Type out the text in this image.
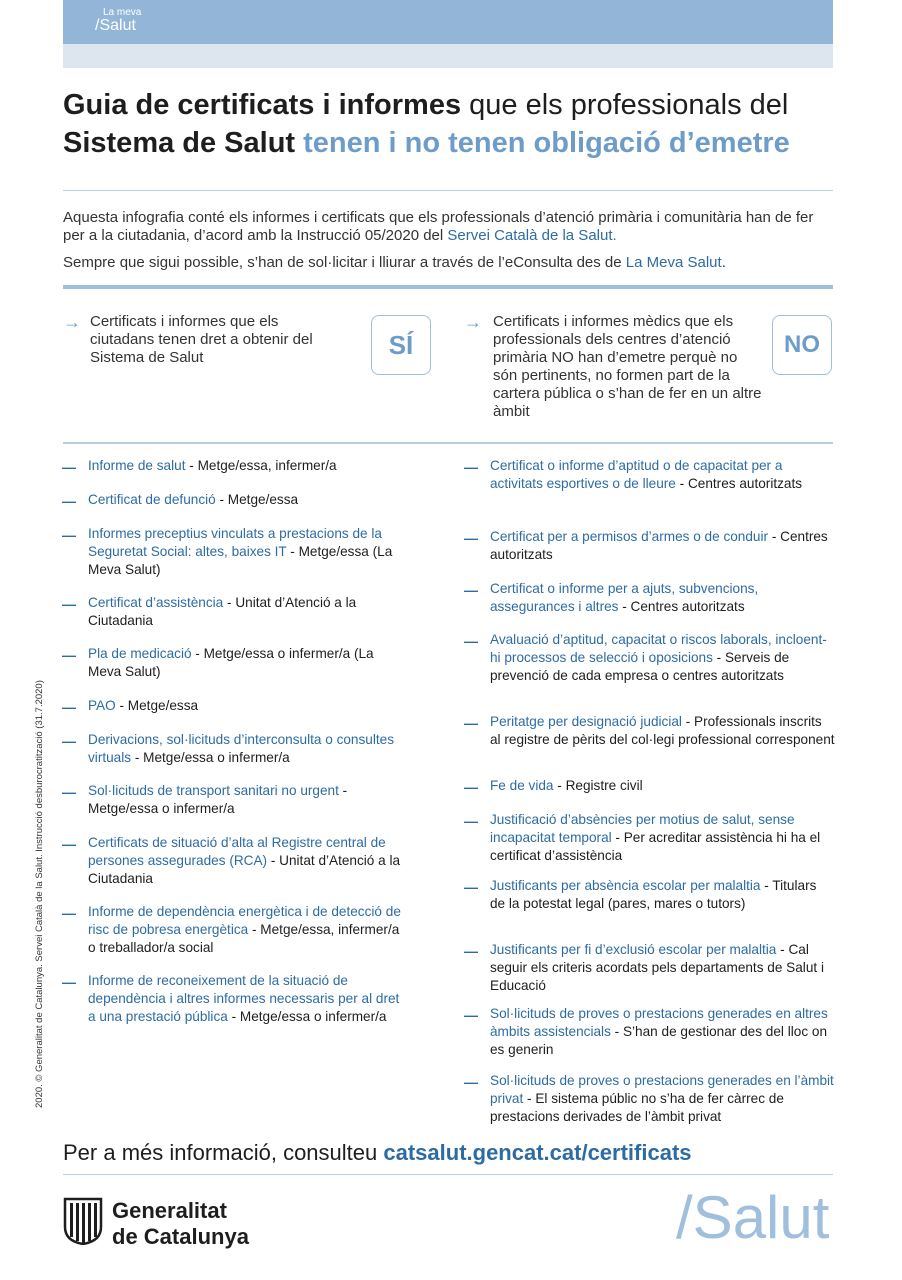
La meva
/Salut
Guia de certificats i informes que els professionals del
Sistema de Salut tenen i no tenen obligació d’emetre
Aquesta infografia conté els informes i certificats que els professionals d’atenció primària i comunitària han de fer per a la ciutadania, d’acord amb la Instrucció 05/2020 del Servei Català de la Salut.
Sempre que sigui possible, s’han de sol·licitar i lliurar a través de l’eConsulta des de La Meva Salut.
→ Certificats i informes que els ciutadans tenen dret a obtenir del Sistema de Salut	SÍ
→ Certificats i informes mèdics que els professionals dels centres d’atenció primària NO han d’emetre perquè no són pertinents, no formen part de la cartera pública o s’han de fer en un altre àmbit
NO
— Informe de salut - Metge/essa, infermer/a
— Certificat de defunció - Metge/essa
— Informes preceptius vinculats a prestacions de la Seguretat Social: altes, baixes IT - Metge/essa (La Meva Salut)
— Certificat d’assistència - Unitat d’Atenció a la Ciutadania
— Pla de medicació - Metge/essa o infermer/a (La Meva Salut)
— PAO - Metge/essa
— Derivacions, sol·licituds d’interconsulta o consultes virtuals - Metge/essa o infermer/a
— Sol·licituds de transport sanitari no urgent - Metge/essa o infermer/a
— Certificats de situació d’alta al Registre central de persones assegurades (RCA) - Unitat d’Atenció a la Ciutadania
— Informe de dependència energètica i de detecció de risc de pobresa energètica - Metge/essa, infermer/a o treballador/a social
— Informe de reconeixement de la situació de dependència i altres informes necessaris per al dret a una prestació pública - Metge/essa o infermer/a
— Certificat o informe d’aptitud o de capacitat per a activitats esportives o de lleure - Centres autoritzats
— Certificat per a permisos d’armes o de conduir - Centres autoritzats
— Certificat o informe per a ajuts, subvencions, assegurances i altres - Centres autoritzats
— Avaluació d’aptitud, capacitat o riscos laborals, incloent-hi processos de selecció i oposicions - Serveis de prevenció de cada empresa o centres autoritzats
— Peritatge per designació judicial - Professionals inscrits al registre de pèrits del col·legi professional corresponent
— Fe de vida - Registre civil
— Justificació d’absències per motius de salut, sense incapacitat temporal - Per acreditar assistència hi ha el certificat d’assistència
— Justificants per absència escolar per malaltia - Titulars de la potestat legal (pares, mares o tutors)
— Justificants per fi d’exclusió escolar per malaltia - Cal seguir els criteris acordats pels departaments de Salut i Educació
— Sol·licituds de proves o prestacions generades en altres àmbits assistencials - S’han de gestionar des del lloc on es generin
— Sol·licituds de proves o prestacions generades en l’àmbit privat - El sistema públic no s’ha de fer càrrec de prestacions derivades de l’àmbit privat
2020. © Generalitat de Catalunya. Servei Català de la Salut. Instrucció desburocratització (31.7.2020)
Per a més informació, consulteu catsalut.gencat.cat/certificats
Generalitat
de Catalunya	/Salut
